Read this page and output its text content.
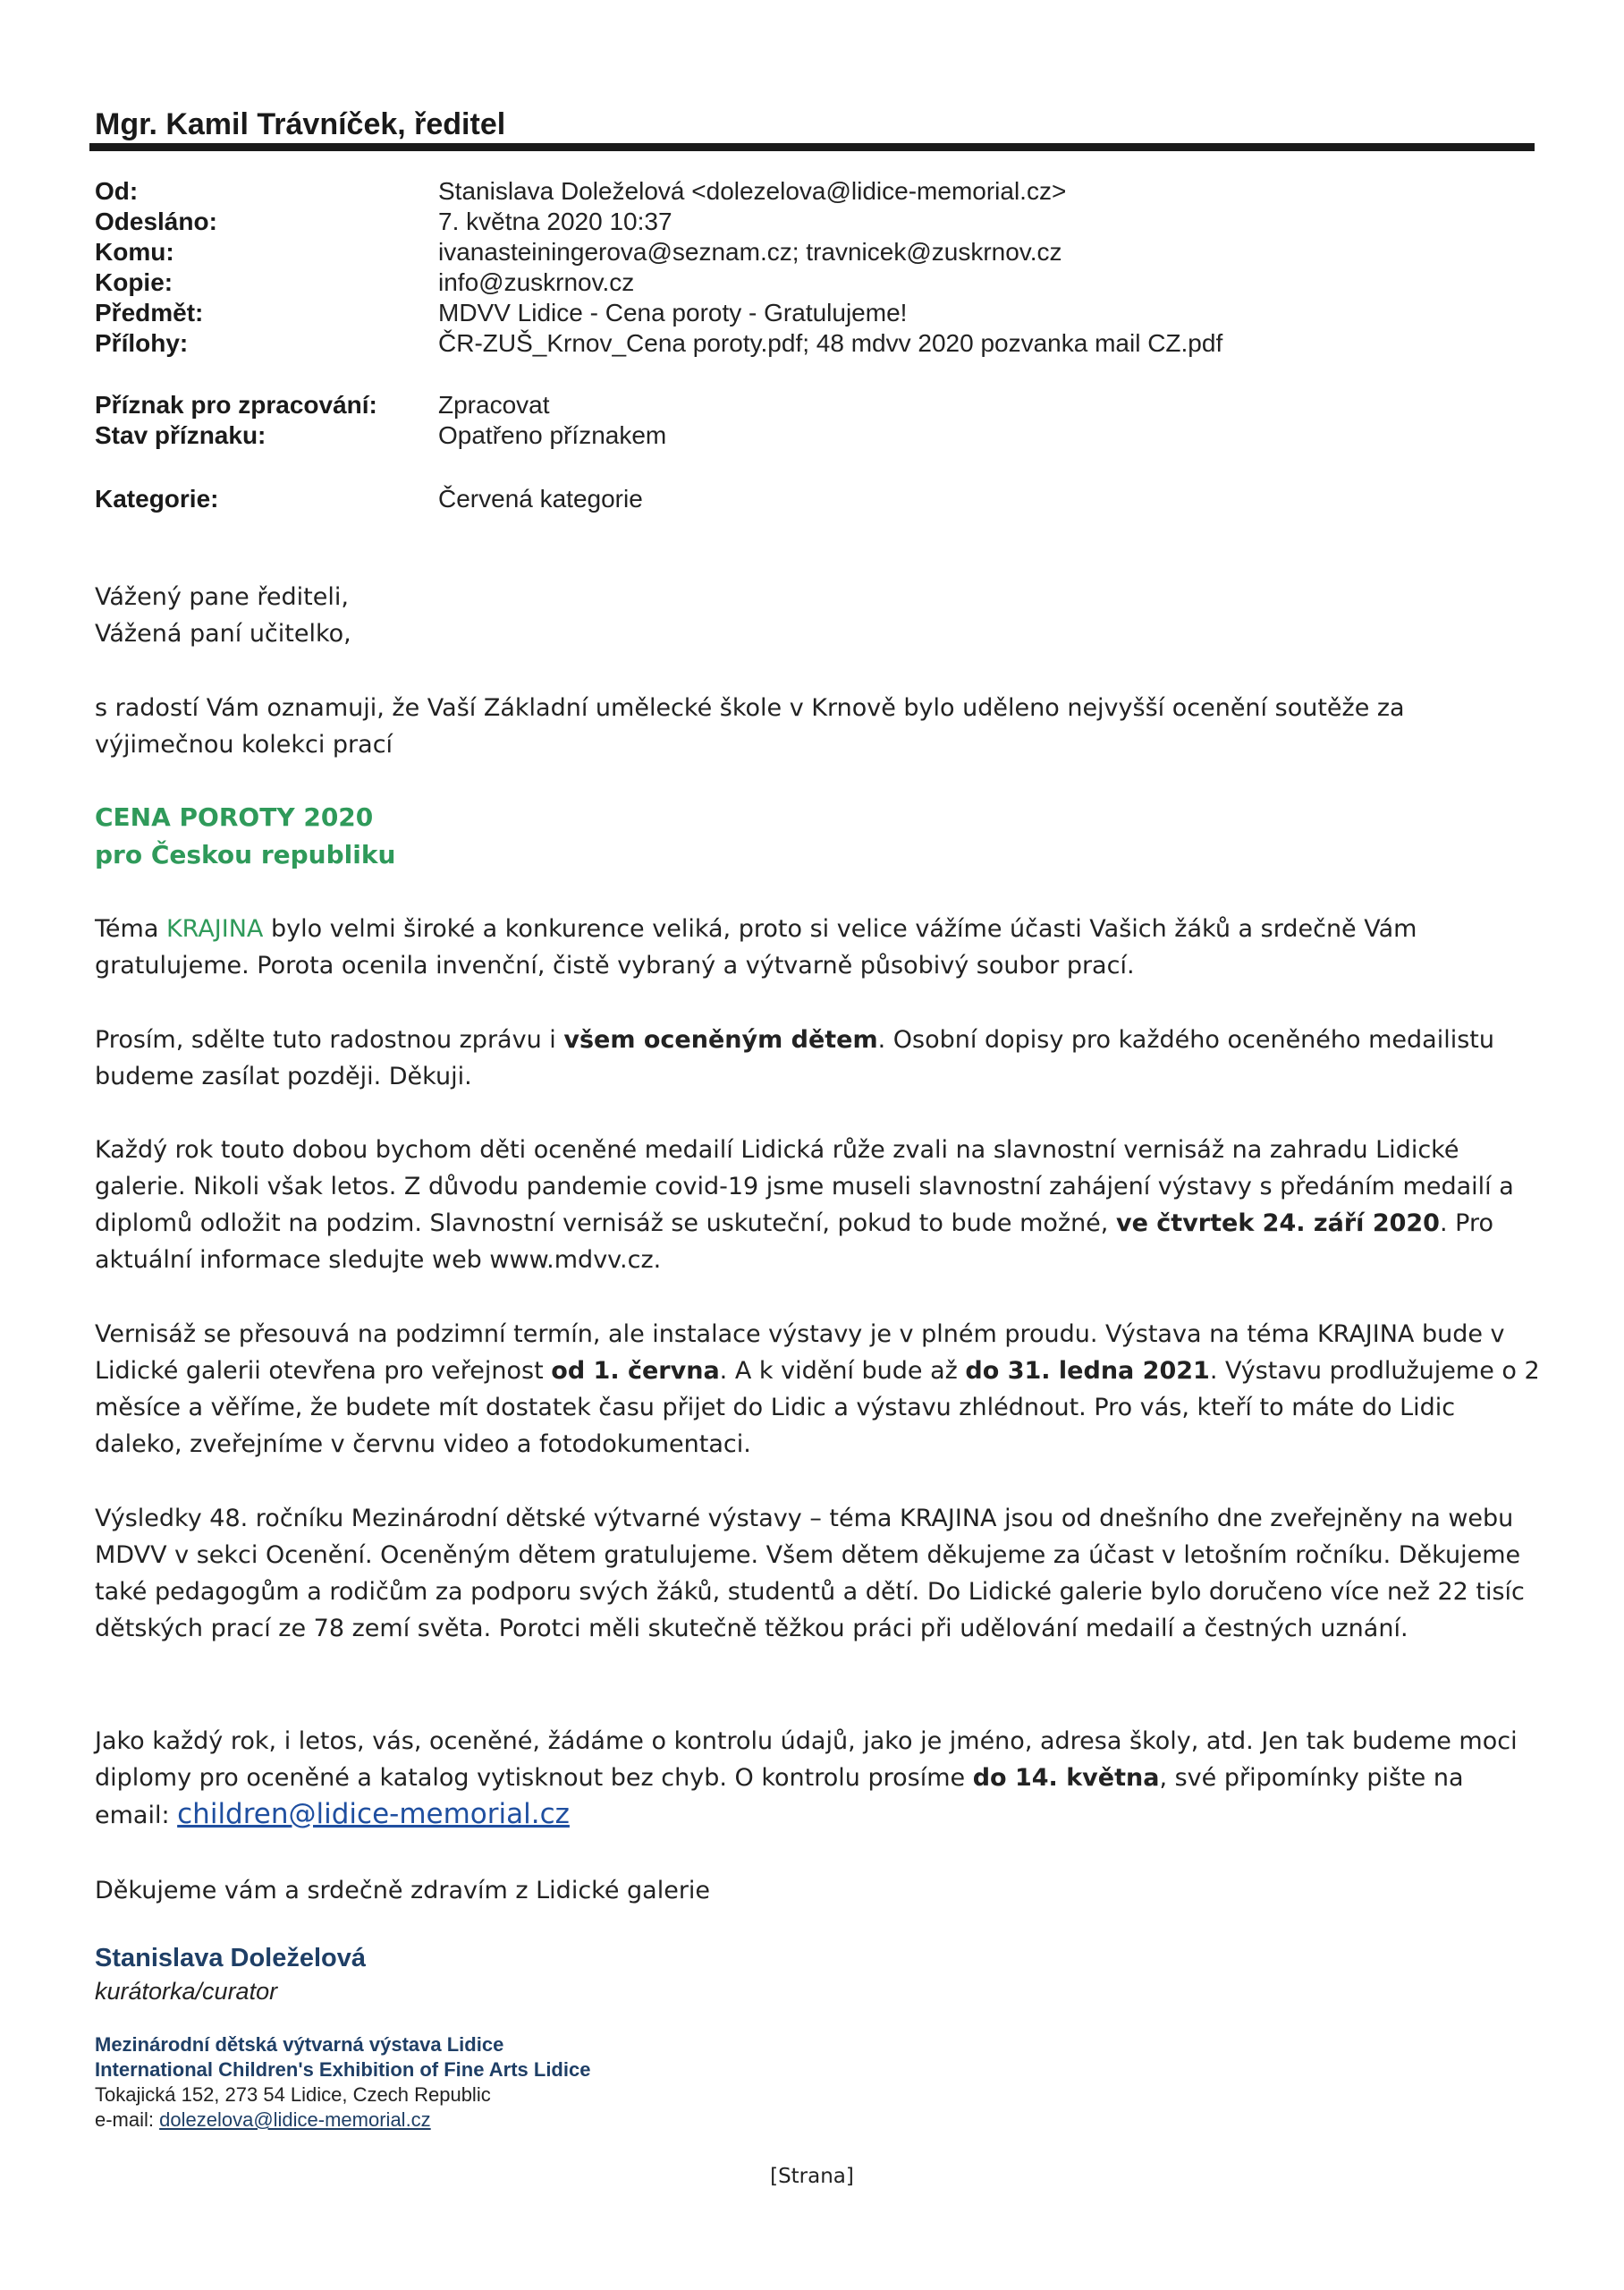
Mgr. Kamil Trávníček, ředitel
Od:	Stanislava Doleželová <dolezelova@lidice-memorial.cz>
Odesláno:	7. května 2020 10:37
Komu:	ivanasteiningerova@seznam.cz; travnicek@zuskrnov.cz
Kopie:	info@zuskrnov.cz
Předmět:	MDVV Lidice - Cena poroty - Gratulujeme!
Přílohy:	ČR-ZUŠ_Krnov_Cena poroty.pdf; 48 mdvv 2020 pozvanka mail CZ.pdf
Příznak pro zpracování:	Zpracovat
Stav příznaku:	Opatřeno příznakem
Kategorie:	Červená kategorie

Vážený pane řediteli,
Vážená paní učitelko,

s radostí Vám oznamuji, že Vaší Základní umělecké škole v Krnově bylo uděleno nejvyšší ocenění soutěže za výjimečnou kolekci prací

CENA POROTY 2020
pro Českou republiku

Téma KRAJINA bylo velmi široké a konkurence veliká, proto si velice vážíme účasti Vašich žáků a srdečně Vám gratulujeme. Porota ocenila invenční, čistě vybraný a výtvarně působivý soubor prací.

Prosím, sdělte tuto radostnou zprávu i všem oceněným dětem. Osobní dopisy pro každého oceněného medailistu budeme zasílat později. Děkuji.

Každý rok touto dobou bychom děti oceněné medailí Lidická růže zvali na slavnostní vernisáž na zahradu Lidické galerie. Nikoli však letos. Z důvodu pandemie covid-19 jsme museli slavnostní zahájení výstavy s předáním medailí a diplomů odložit na podzim. Slavnostní vernisáž se uskuteční, pokud to bude možné, ve čtvrtek 24. září 2020. Pro aktuální informace sledujte web www.mdvv.cz.

Vernisáž se přesouvá na podzimní termín, ale instalace výstavy je v plném proudu. Výstava na téma KRAJINA bude v Lidické galerii otevřena pro veřejnost od 1. června. A k vidění bude až do 31. ledna 2021. Výstavu prodlužujeme o 2 měsíce a věříme, že budete mít dostatek času přijet do Lidic a výstavu zhlédnout. Pro vás, kteří to máte do Lidic daleko, zveřejníme v červnu video a fotodokumentaci.

Výsledky 48. ročníku Mezinárodní dětské výtvarné výstavy – téma KRAJINA jsou od dnešního dne zveřejněny na webu MDVV v sekci Ocenění. Oceněným dětem gratulujeme. Všem dětem děkujeme za účast v letošním ročníku. Děkujeme také pedagogům a rodičům za podporu svých žáků, studentů a dětí. Do Lidické galerie bylo doručeno více než 22 tisíc dětských prací ze 78 zemí světa. Porotci měli skutečně těžkou práci při udělování medailí a čestných uznání.

Jako každý rok, i letos, vás, oceněné, žádáme o kontrolu údajů, jako je jméno, adresa školy, atd. Jen tak budeme moci diplomy pro oceněné a katalog vytisknout bez chyb. O kontrolu prosíme do 14. května, své připomínky pište na email: children@lidice-memorial.cz

Děkujeme vám a srdečně zdravím z Lidické galerie

Stanislava Doleželová

kurátorka/curator

Mezinárodní dětská výtvarná výstava Lidice
International Children's Exhibition of Fine Arts Lidice
Tokajická 152, 273 54 Lidice, Czech Republic
e-mail: dolezelova@lidice-memorial.cz

[Strana]
